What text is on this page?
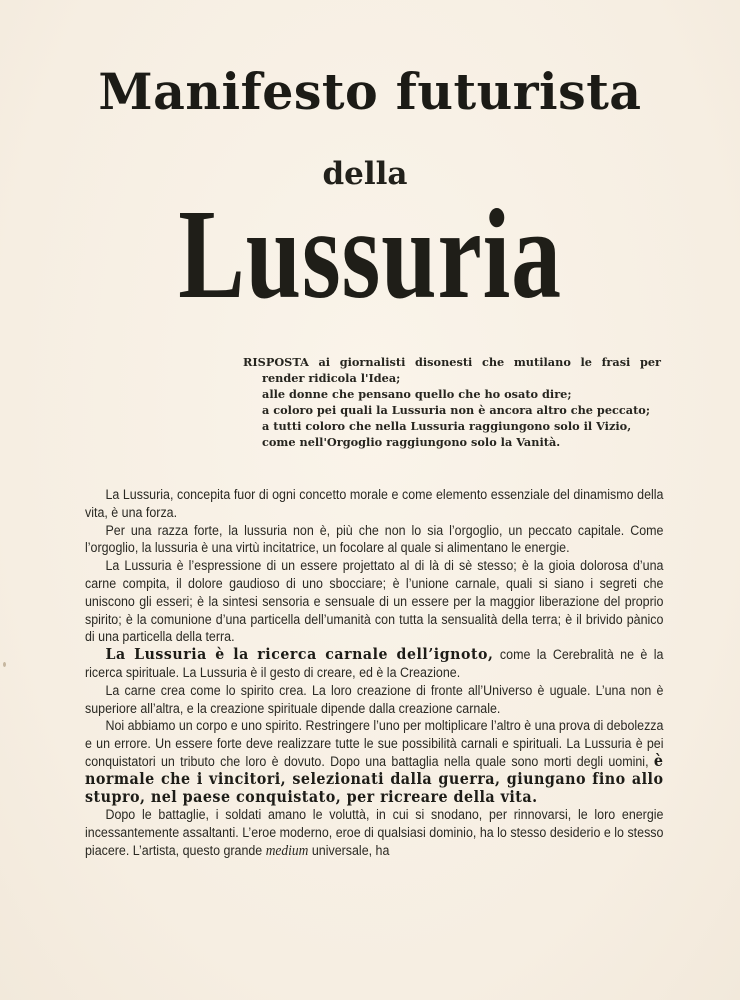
Manifesto futurista
della
Lussuria
RISPOSTA ai giornalisti disonesti che mutilano le frasi per
render ridicola l'Idea;
alle donne che pensano quello che ho osato dire;
a coloro pei quali la Lussuria non è ancora altro che peccato;
a tutti coloro che nella Lussuria raggiungono solo il Vizio,
come nell'Orgoglio raggiungono solo la Vanità.

La Lussuria, concepita fuor di ogni concetto morale e come elemento essenziale del dinamismo della vita, è una forza.

Per una razza forte, la lussuria non è, più che non lo sia l’orgoglio, un peccato capitale. Come l’orgoglio, la lussuria è una virtù incitatrice, un focolare al quale si alimentano le energie.

La Lussuria è l’espressione di un essere projettato al di là di sè stesso; è la gioia dolorosa d’una carne compita, il dolore gaudioso di uno sbocciare; è l’unione carnale, quali si siano i segreti che uniscono gli esseri; è la sintesi sensoria e sensuale di un essere per la maggior liberazione del proprio spirito; è la comunione d’una particella dell’umanità con tutta la sensualità della terra; è il brivido pànico di una particella della terra.

La Lussuria è la ricerca carnale dell’ignoto, come la Cerebralità ne è la ricerca spirituale. La Lussuria è il gesto di creare, ed è la Creazione.

La carne crea come lo spirito crea. La loro creazione di fronte all’Universo è uguale. L’una non è superiore all’altra, e la creazione spirituale dipende dalla creazione carnale.

Noi abbiamo un corpo e uno spirito. Restringere l’uno per moltiplicare l’altro è una prova di debolezza e un errore. Un essere forte deve realizzare tutte le sue possibilità carnali e spirituali. La Lussuria è pei conquistatori un tributo che loro è dovuto. Dopo una battaglia nella quale sono morti degli uomini, è normale che i vincitori, selezionati dalla guerra, giungano fino allo stupro, nel paese conquistato, per ricreare della vita.

Dopo le battaglie, i soldati amano le voluttà, in cui si snodano, per rinnovarsi, le loro energie incessantemente assaltanti. L’eroe moderno, eroe di qualsiasi dominio, ha lo stesso desiderio e lo stesso piacere. L’artista, questo grande medium universale, ha
